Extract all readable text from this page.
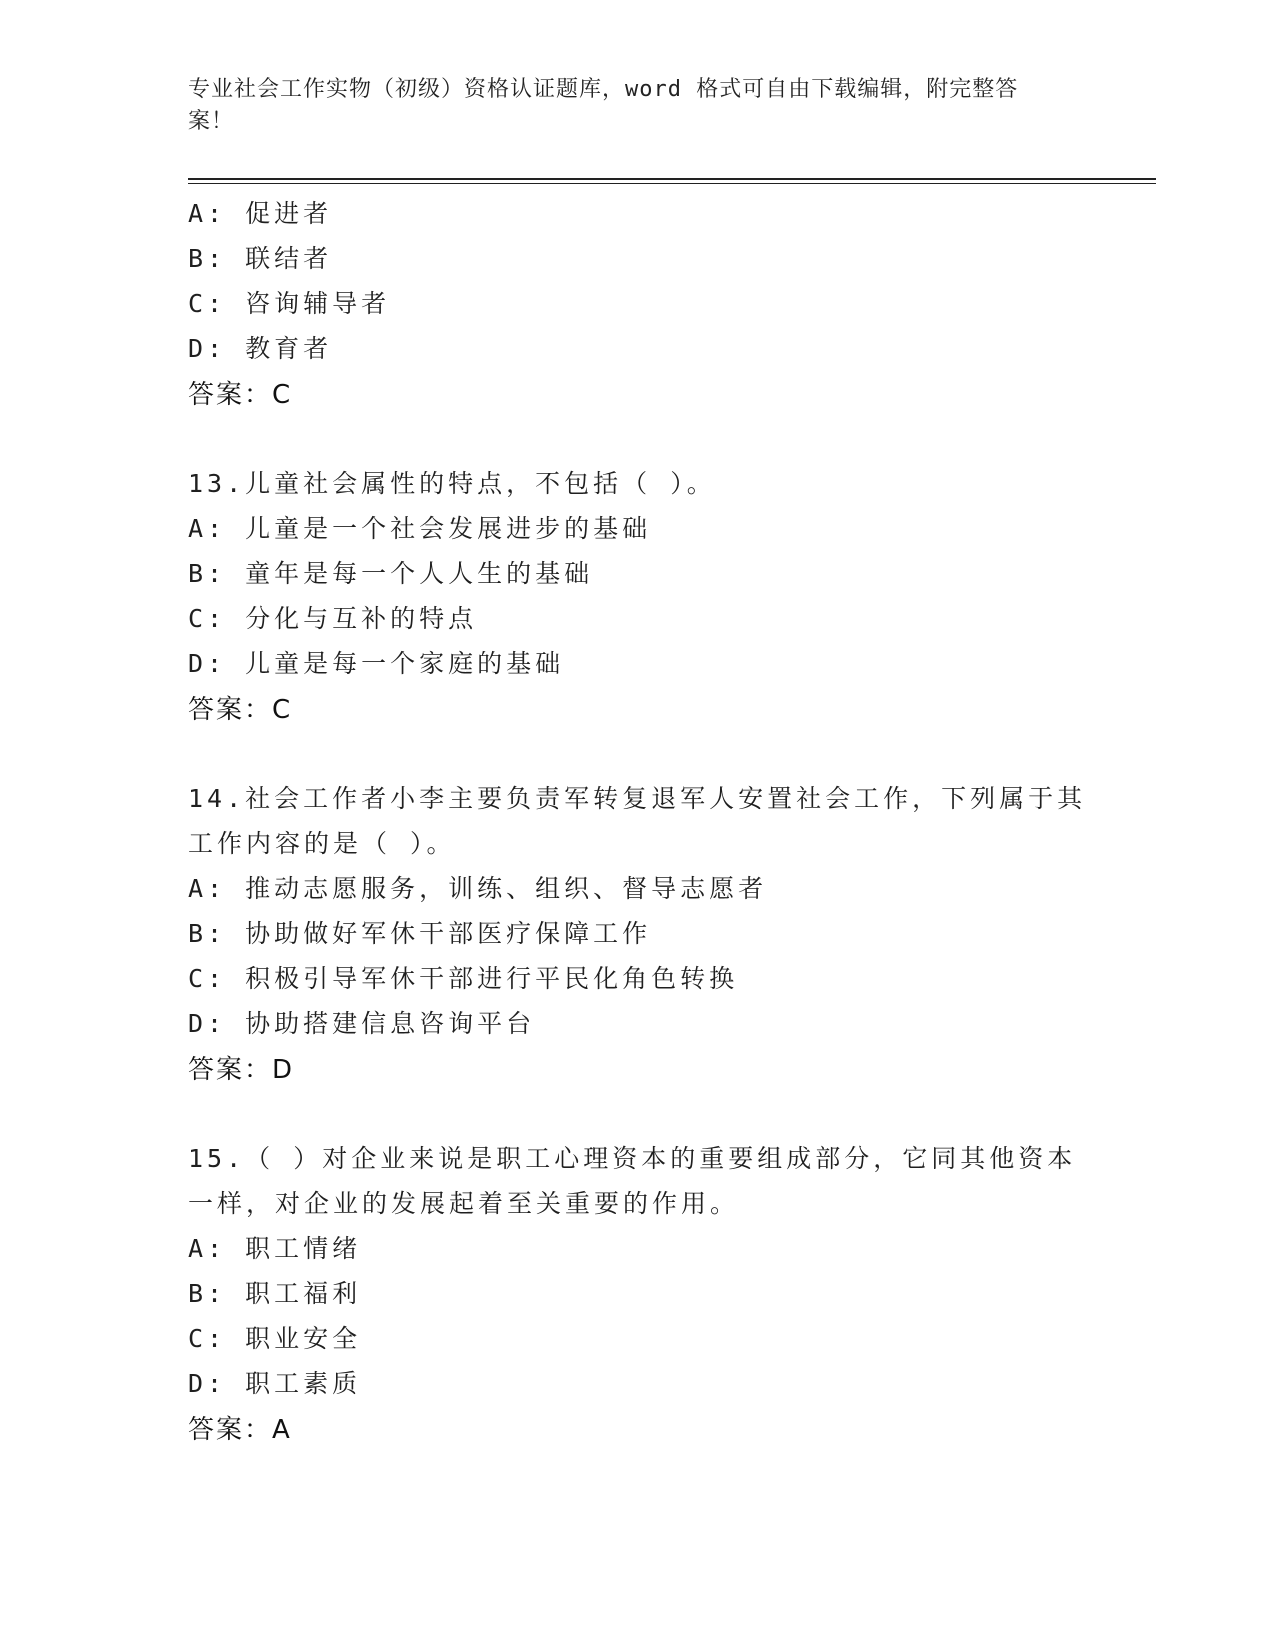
专业社会工作实物（初级）资格认证题库，word 格式可自由下载编辑，附完整答
案！
A: 促进者
B: 联结者
C: 咨询辅导者
D: 教育者
答案：C
13.儿童社会属性的特点，不包括（ ）。
A: 儿童是一个社会发展进步的基础
B: 童年是每一个人人生的基础
C: 分化与互补的特点
D: 儿童是每一个家庭的基础
答案：C
14.社会工作者小李主要负责军转复退军人安置社会工作，下列属于其
工作内容的是（ ）。
A: 推动志愿服务，训练、组织、督导志愿者
B: 协助做好军休干部医疗保障工作
C: 积极引导军休干部进行平民化角色转换
D: 协助搭建信息咨询平台
答案：D
15.（ ）对企业来说是职工心理资本的重要组成部分，它同其他资本
一样，对企业的发展起着至关重要的作用。
A: 职工情绪
B: 职工福利
C: 职业安全
D: 职工素质
答案：A
